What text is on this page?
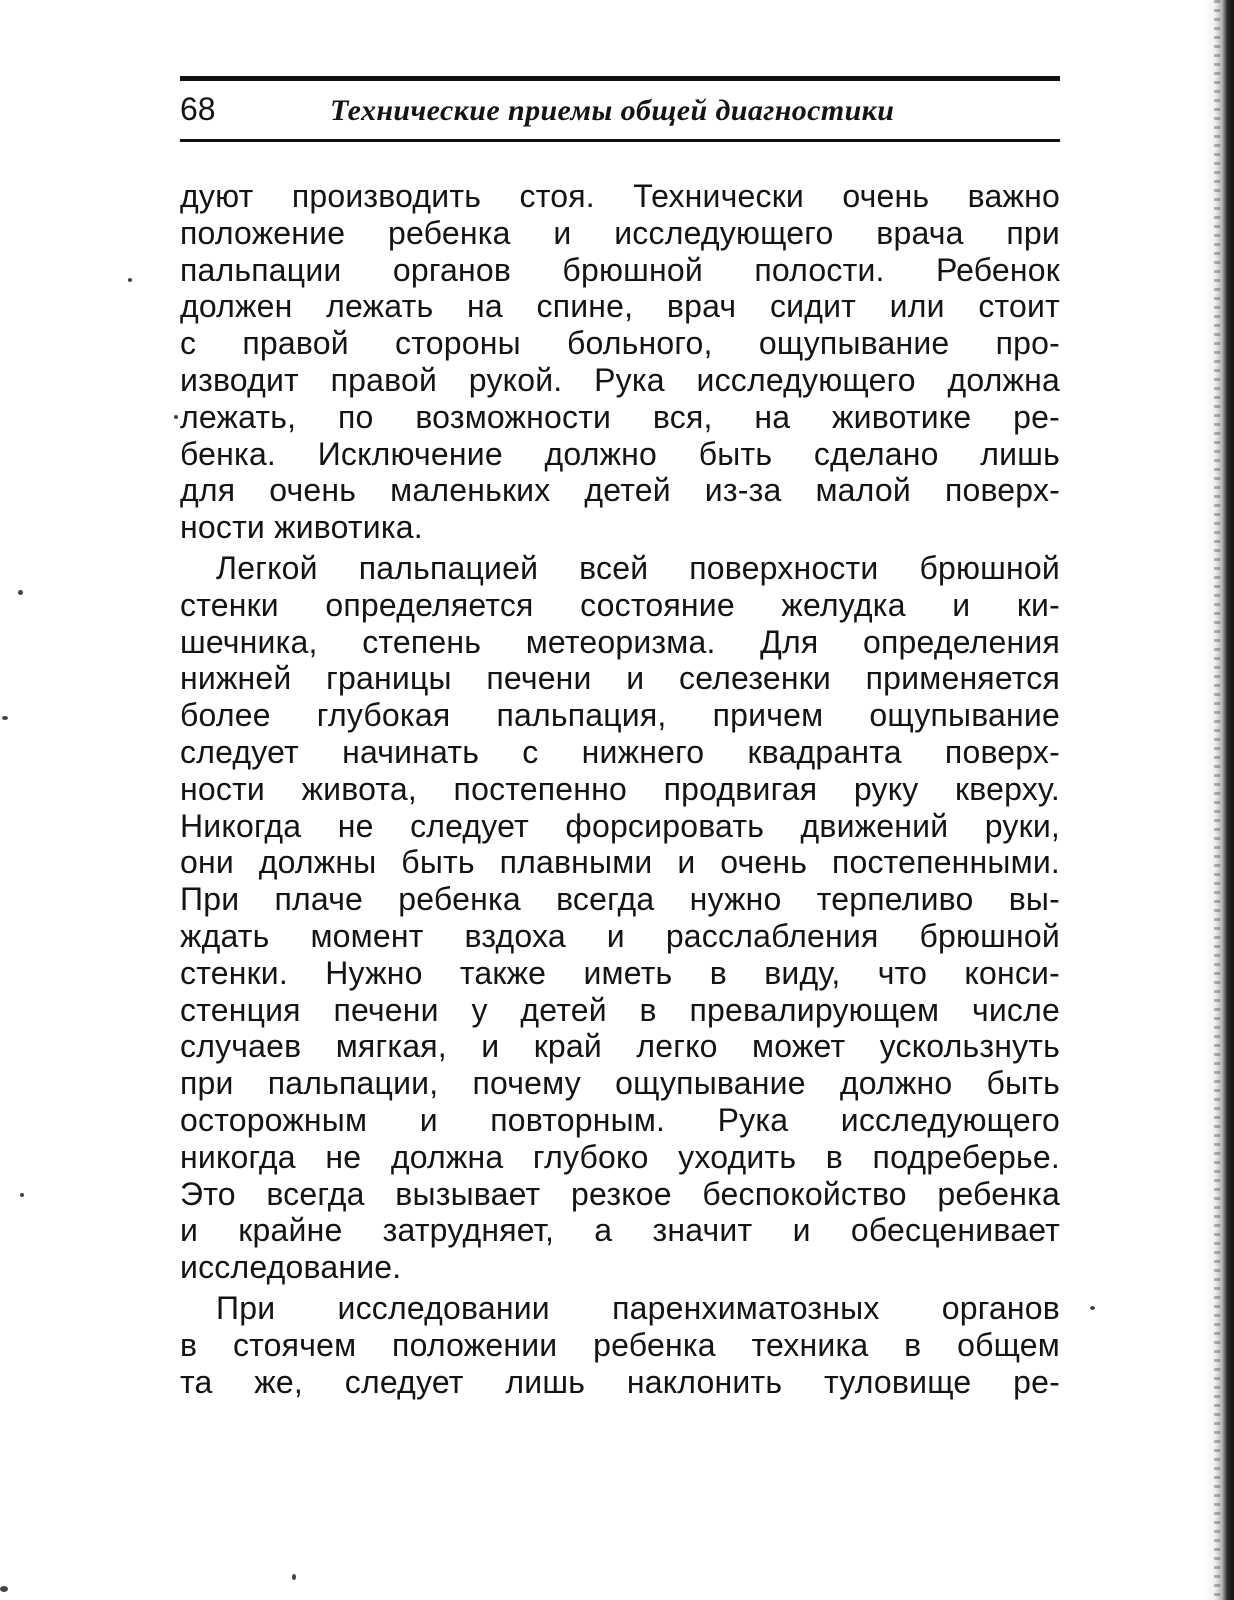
68	Технические приемы общей диагностики
дуют производить стоя. Технически очень важно
положение ребенка и исследующего врача при
пальпации органов брюшной полости. Ребенок
должен лежать на спине, врач сидит или стоит
с правой стороны больного, ощупывание про-
изводит правой рукой. Рука исследующего должна
лежать, по возможности вся, на животике ре-
бенка. Исключение должно быть сделано лишь
для очень маленьких детей из-за малой поверх-
ности животика.
Легкой пальпацией всей поверхности брюшной
стенки определяется состояние желудка и ки-
шечника, степень метеоризма. Для определения
нижней границы печени и селезенки применяется
более глубокая пальпация, причем ощупывание
следует начинать с нижнего квадранта поверх-
ности живота, постепенно продвигая руку кверху.
Никогда не следует форсировать движений руки,
они должны быть плавными и очень постепенными.
При плаче ребенка всегда нужно терпеливо вы-
ждать момент вздоха и расслабления брюшной
стенки. Нужно также иметь в виду, что конси-
стенция печени у детей в превалирующем числе
случаев мягкая, и край легко может ускользнуть
при пальпации, почему ощупывание должно быть
осторожным и повторным. Рука исследующего
никогда не должна глубоко уходить в подреберье.
Это всегда вызывает резкое беспокойство ребенка
и крайне затрудняет, а значит и обесценивает
исследование.
При исследовании паренхиматозных органов
в стоячем положении ребенка техника в общем
та же, следует лишь наклонить туловище ре-
